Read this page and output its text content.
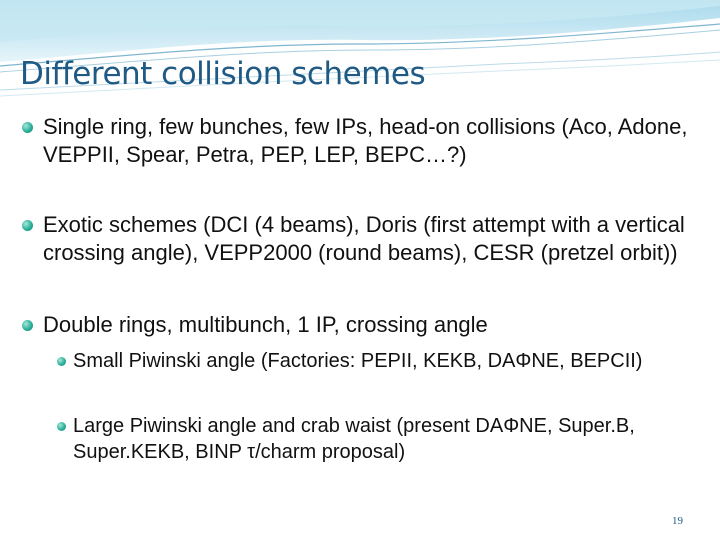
Different collision schemes
Single ring, few bunches, few IPs, head-on collisions (Aco, Adone, VEPPII, Spear, Petra, PEP, LEP, BEPC…?)
Exotic schemes (DCI (4 beams), Doris (first attempt with a vertical crossing angle), VEPP2000 (round beams), CESR (pretzel orbit))
Double rings, multibunch, 1 IP, crossing angle
Small Piwinski angle (Factories: PEPII, KEKB, DAΦNE, BEPCII)
Large Piwinski angle and crab waist (present DAΦNE, Super.B, Super.KEKB, BINP τ/charm proposal)
19
